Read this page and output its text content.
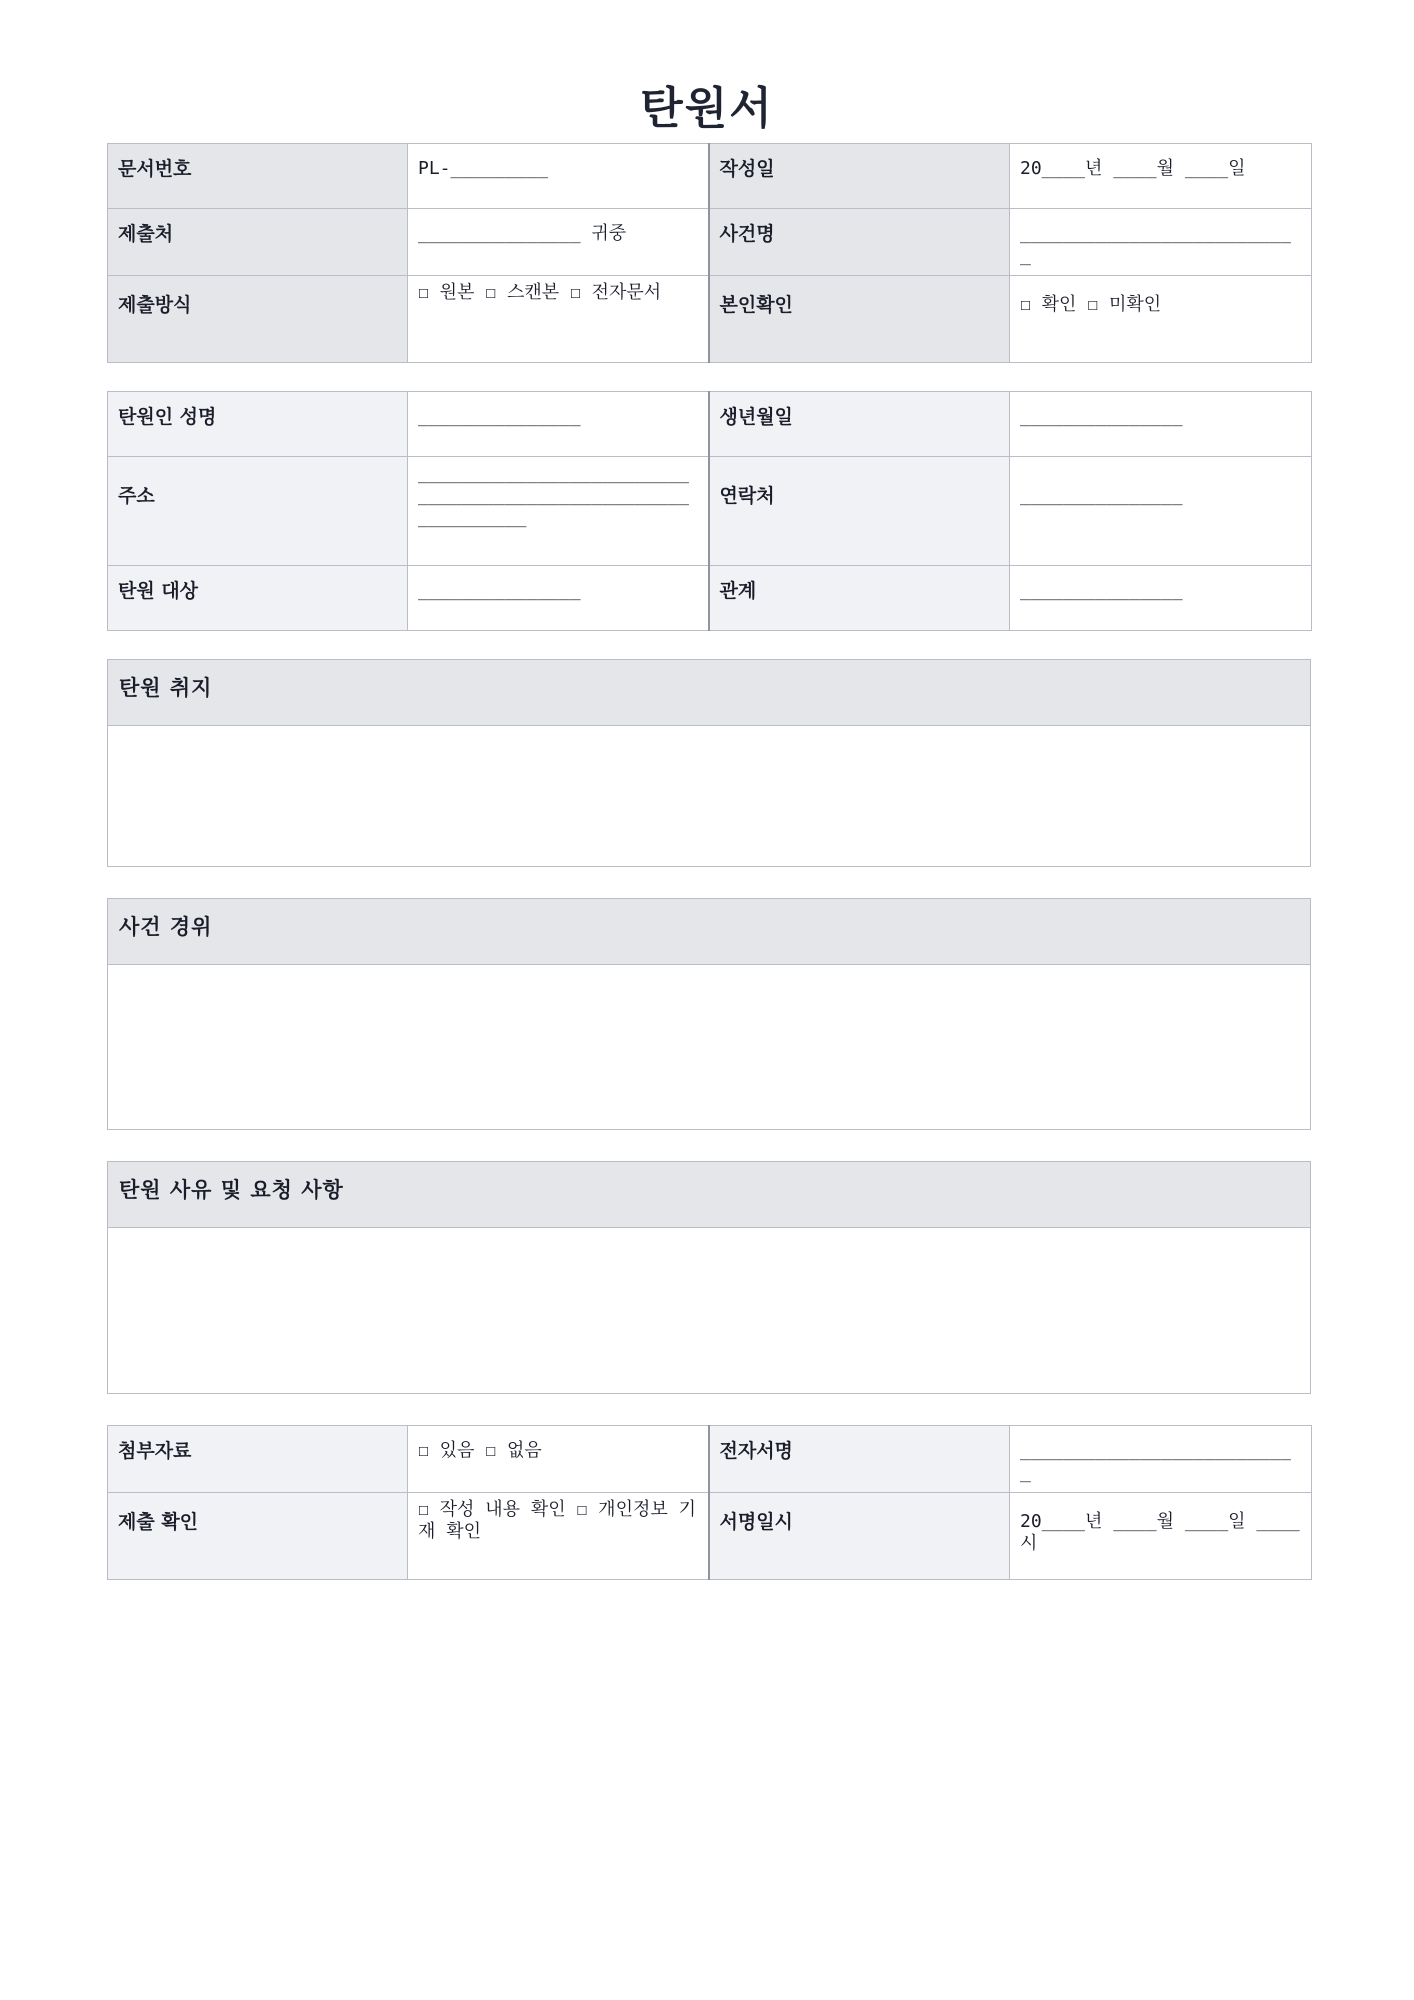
탄원서
문서번호	PL-_________	작성일	20____년 ____월 ____일
제출처	_______________ 귀중	사건명	__________________________
제출방식	☐ 원본 ☐ 스캔본 ☐ 전자문서	본인확인	☐ 확인 ☐ 미확인
탄원인 성명	_______________	생년월일	_______________
주소	____________________________________________________________	연락처	_______________
탄원 대상	_______________	관계	_______________
탄원 취지
사건 경위
탄원 사유 및 요청 사항
첨부자료	☐ 있음 ☐ 없음	전자서명	__________________________
제출 확인	☐ 작성 내용 확인 ☐ 개인정보 기재 확인	서명일시	20____년 ____월 ____일 ____시
